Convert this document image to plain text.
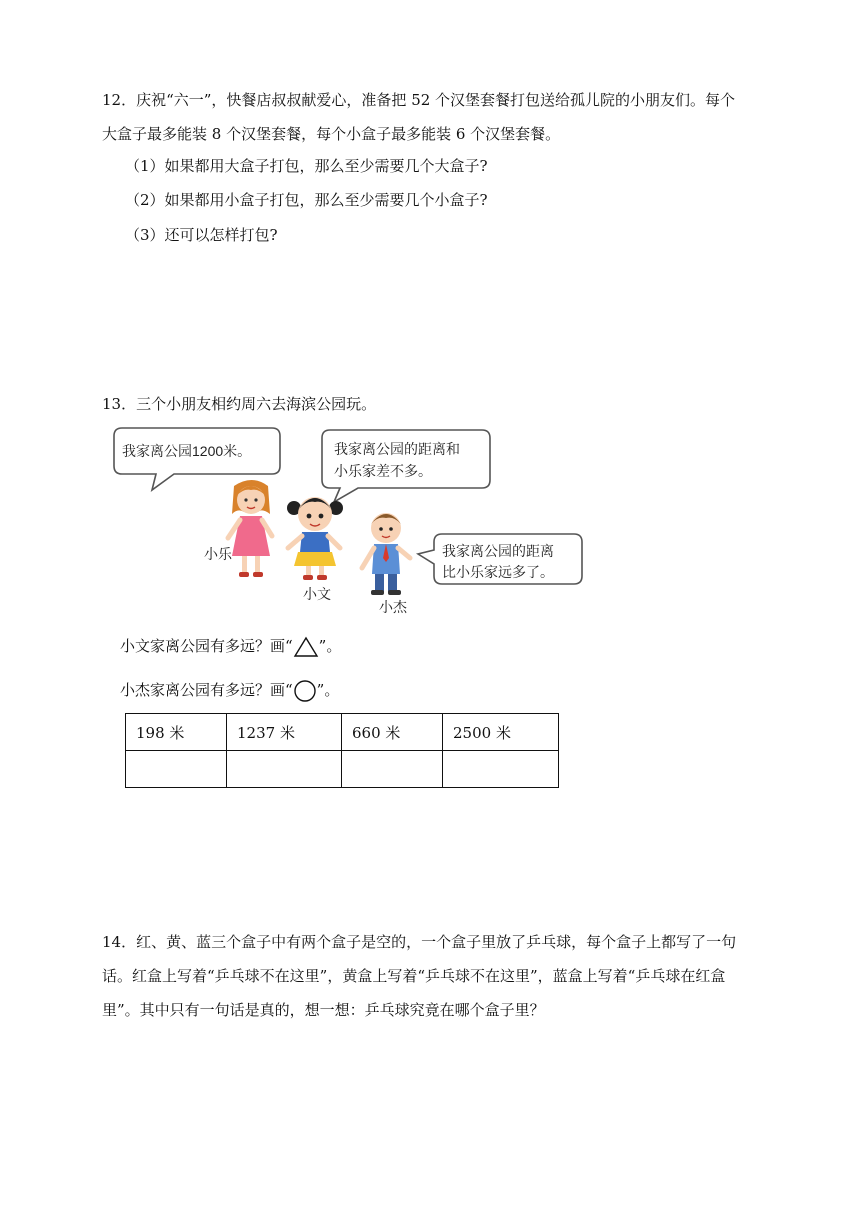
12．庆祝“六一”，快餐店叔叔献爱心，准备把 52 个汉堡套餐打包送给孤儿院的小朋友们。每个
大盒子最多能装 8 个汉堡套餐，每个小盒子最多能装 6 个汉堡套餐。
（1）如果都用大盒子打包，那么至少需要几个大盒子?
（2）如果都用小盒子打包，那么至少需要几个小盒子?
（3）还可以怎样打包?
13．三个小朋友相约周六去海滨公园玩。
我家离公园1200米。	我家离公园的距离和
小乐家差不多。
我家离公园的距离
比小乐家远多了。
小乐
小文
小杰
小文家离公园有多远？画“ ”。
小杰家离公园有多远？画“ ”。
198 米	1237 米	660 米	2500 米

14．红、黄、蓝三个盒子中有两个盒子是空的，一个盒子里放了乒乓球，每个盒子上都写了一句
话。红盒上写着“乒乓球不在这里”，黄盒上写着“乒乓球不在这里”，蓝盒上写着“乒乓球在红盒
里”。其中只有一句话是真的，想一想：乒乓球究竟在哪个盒子里？
